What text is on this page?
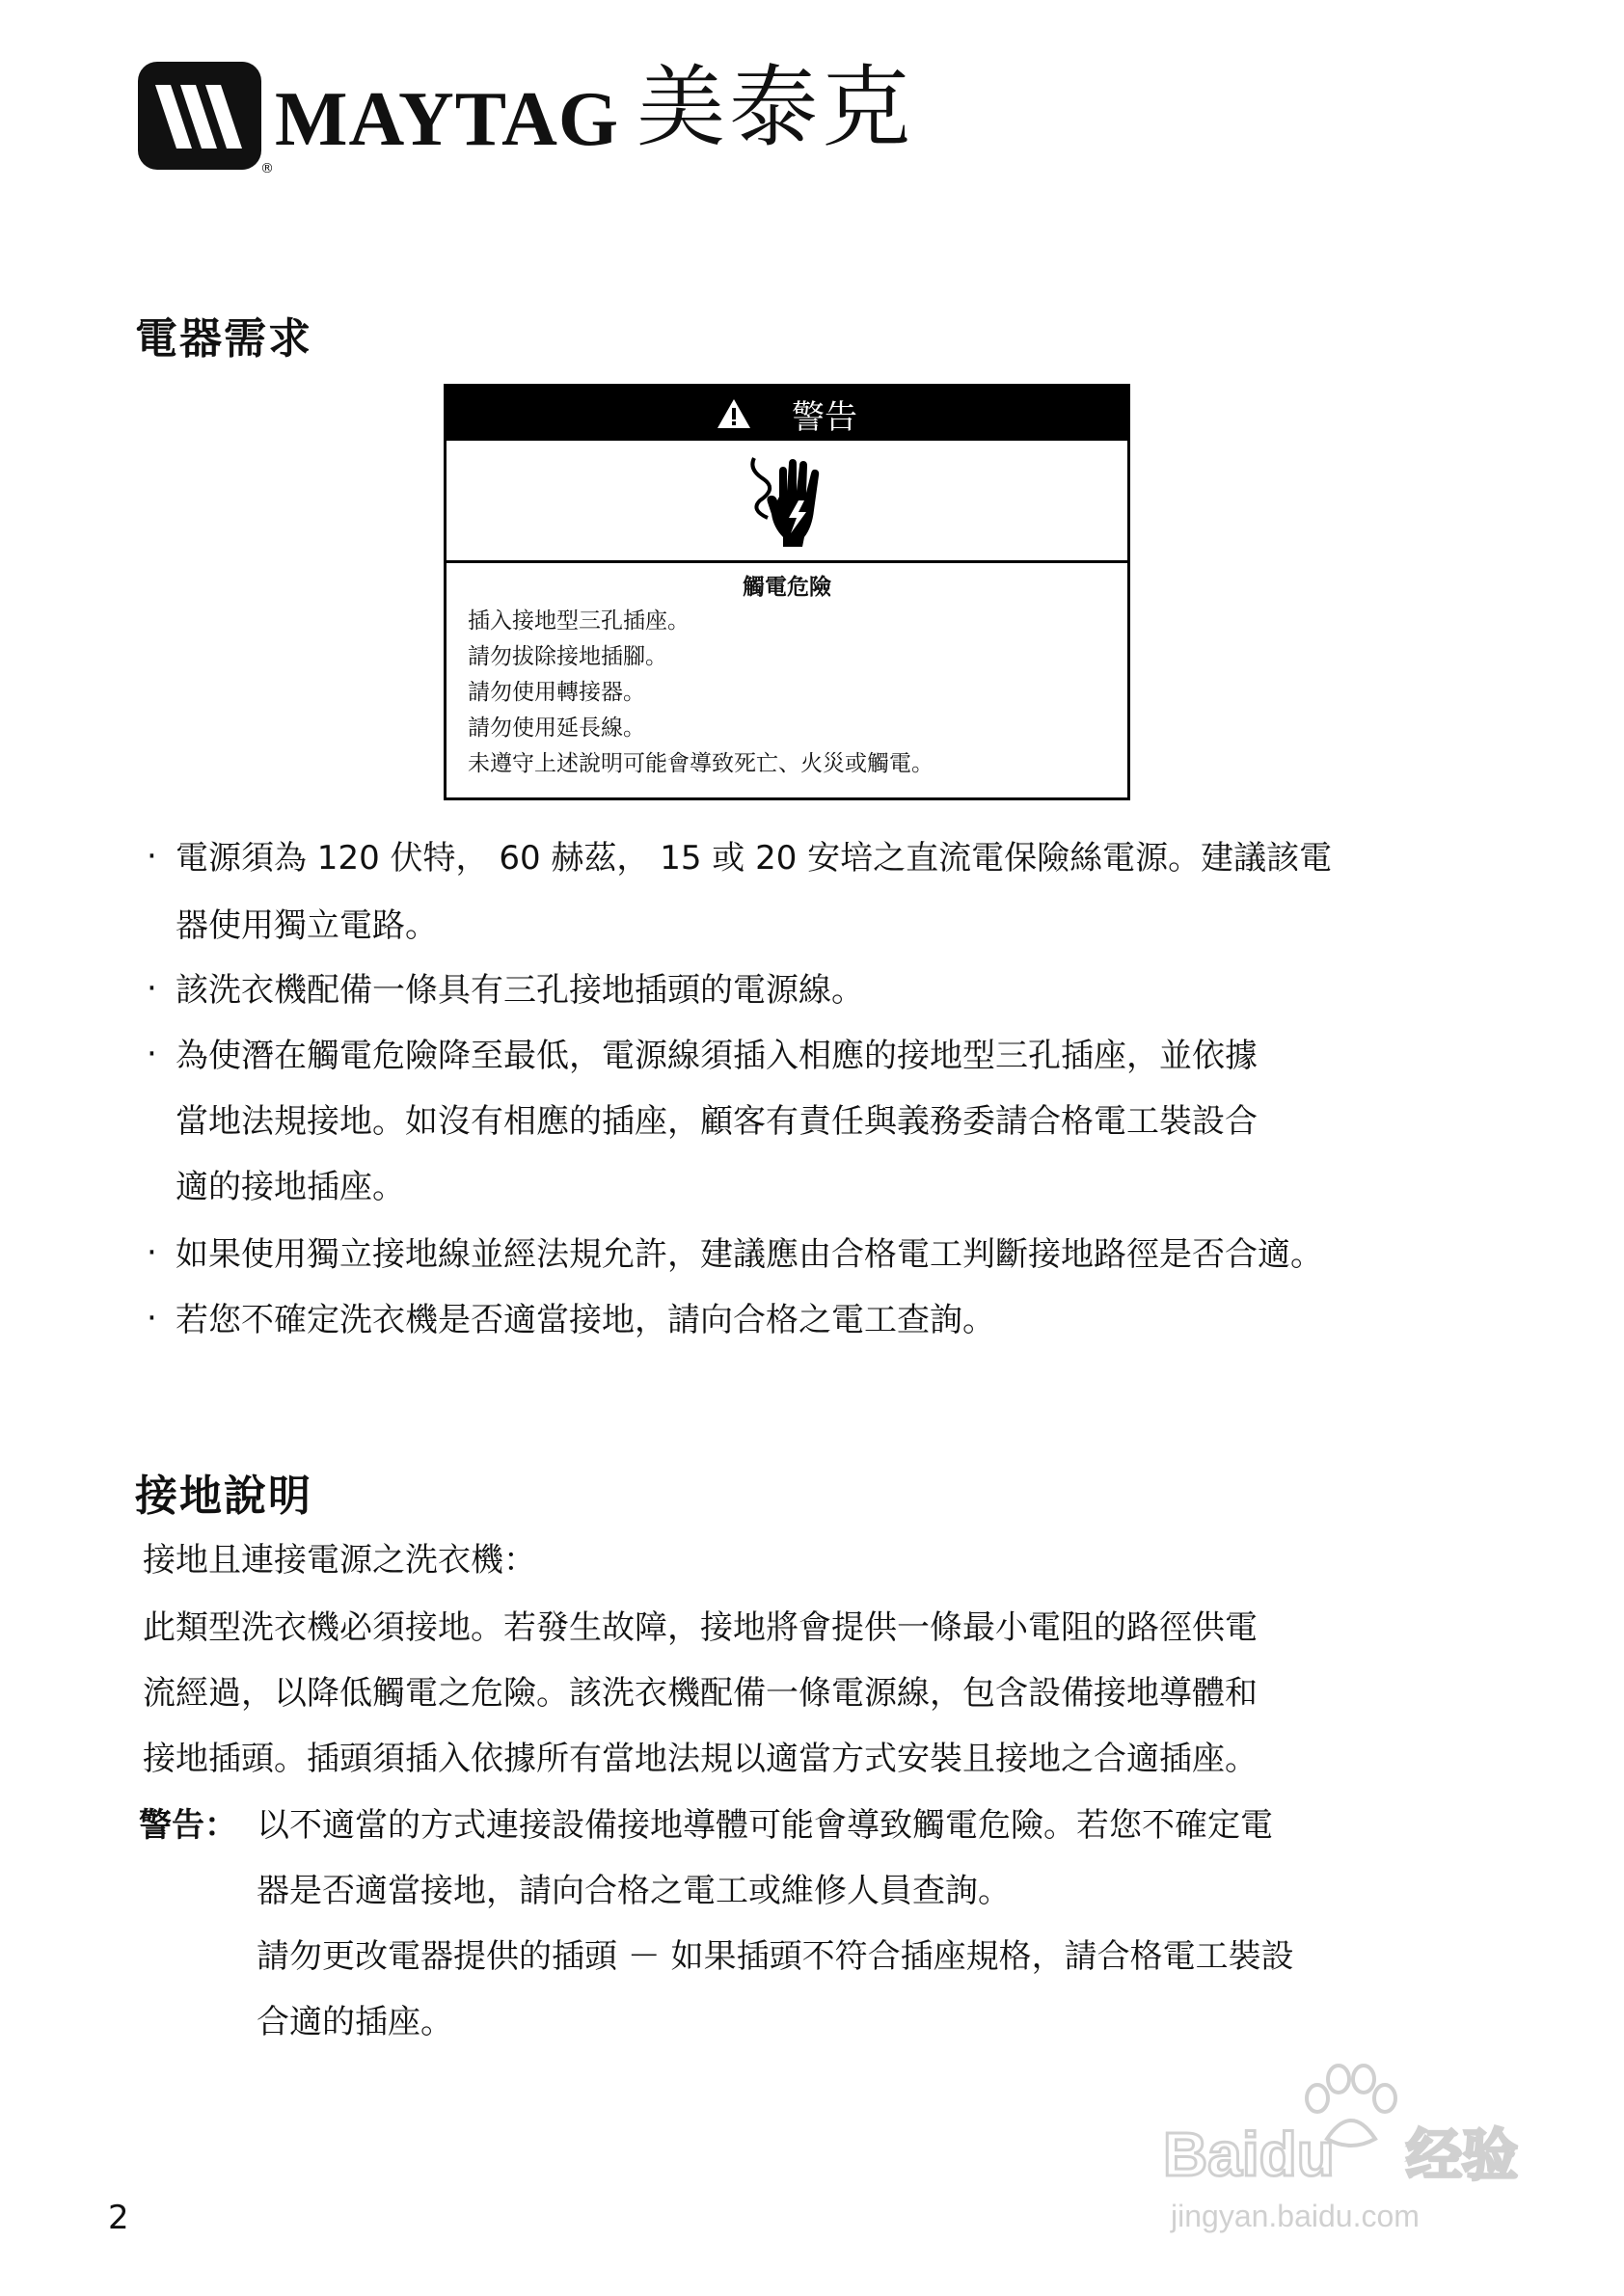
MAYTAG 美泰克
®
電器需求
警告
觸電危險
插入接地型三孔插座。
請勿拔除接地插腳。
請勿使用轉接器。
請勿使用延長線。
未遵守上述說明可能會導致死亡、火災或觸電。
· 電源須為 120 伏特， 60 赫茲， 15 或 20 安培之直流電保險絲電源。建議該電
器使用獨立電路。
· 該洗衣機配備一條具有三孔接地插頭的電源線。
· 為使潛在觸電危險降至最低，電源線須插入相應的接地型三孔插座，並依據
當地法規接地。如沒有相應的插座，顧客有責任與義務委請合格電工裝設合
適的接地插座。
· 如果使用獨立接地線並經法規允許，建議應由合格電工判斷接地路徑是否合適。
· 若您不確定洗衣機是否適當接地，請向合格之電工查詢。
接地說明
接地且連接電源之洗衣機：
此類型洗衣機必須接地。若發生故障，接地將會提供一條最小電阻的路徑供電
流經過，以降低觸電之危險。該洗衣機配備一條電源線，包含設備接地導體和
接地插頭。插頭須插入依據所有當地法規以適當方式安裝且接地之合適插座。
警告： 以不適當的方式連接設備接地導體可能會導致觸電危險。若您不確定電
器是否適當接地，請向合格之電工或維修人員查詢。
請勿更改電器提供的插頭 － 如果插頭不符合插座規格，請合格電工裝設
合適的插座。
2
Baidu 经验
jingyan.baidu.com
